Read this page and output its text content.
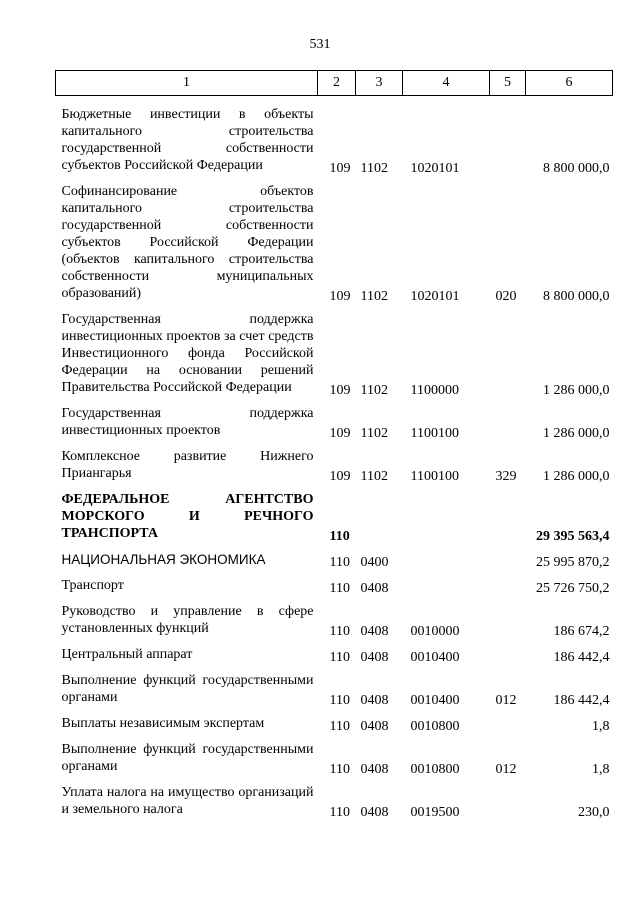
531
1	2	3	4	5	6

Бюджетные инвестиции в объекты капитального строительства государственной собственности субъектов Российской Федерации	109	1102	1020101		8 800 000,0
Софинансирование объектов капитального строительства государственной собственности субъектов Российской Федерации (объектов капитального строительства собственности муниципальных образований)	109	1102	1020101	020	8 800 000,0
Государственная поддержка инвестиционных проектов за счет средств Инвестиционного фонда Российской Федерации на основании решений Правительства Российской Федерации	109	1102	1100000		1 286 000,0
Государственная поддержка инвестиционных проектов	109	1102	1100100		1 286 000,0
Комплексное развитие Нижнего Приангарья	109	1102	1100100	329	1 286 000,0
ФЕДЕРАЛЬНОЕ АГЕНТСТВО МОРСКОГО И РЕЧНОГО ТРАНСПОРТА	110				29 395 563,4
НАЦИОНАЛЬНАЯ ЭКОНОМИКА	110	0400			25 995 870,2
Транспорт	110	0408			25 726 750,2
Руководство и управление в сфере установленных функций	110	0408	0010000		186 674,2
Центральный аппарат	110	0408	0010400		186 442,4
Выполнение функций государственными органами	110	0408	0010400	012	186 442,4
Выплаты независимым экспертам	110	0408	0010800		1,8
Выполнение функций государственными органами	110	0408	0010800	012	1,8
Уплата налога на имущество организаций и земельного налога	110	0408	0019500		230,0
